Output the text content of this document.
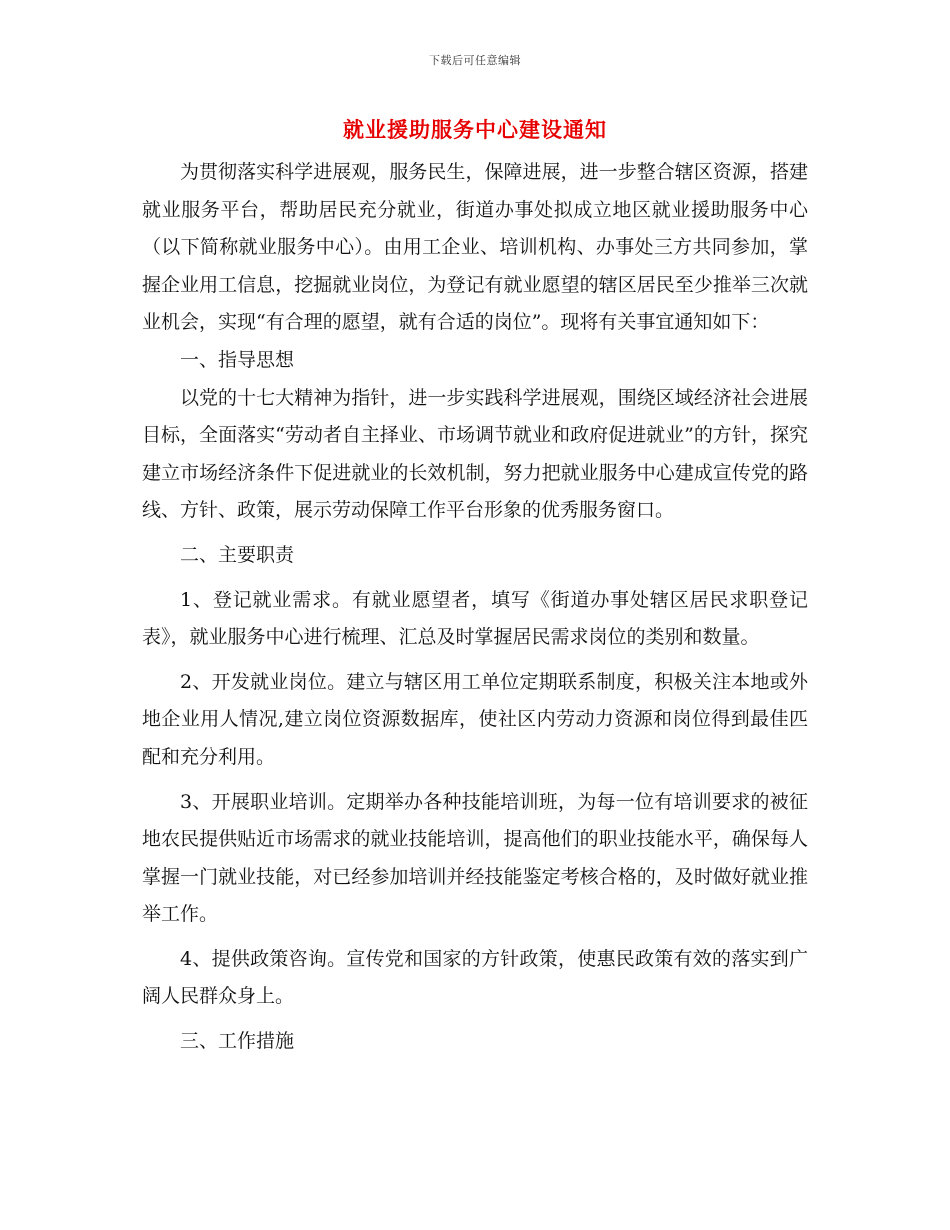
下载后可任意编辑
就业援助服务中心建设通知

为贯彻落实科学进展观，服务民生，保障进展，进一步整合辖区资源，搭建就业服务平台，帮助居民充分就业，街道办事处拟成立地区就业援助服务中心（以下简称就业服务中心）。由用工企业、培训机构、办事处三方共同参加，掌握企业用工信息，挖掘就业岗位，为登记有就业愿望的辖区居民至少推举三次就业机会，实现“有合理的愿望，就有合适的岗位”。现将有关事宜通知如下：

一、指导思想

以党的十七大精神为指针，进一步实践科学进展观，围绕区域经济社会进展目标，全面落实“劳动者自主择业、市场调节就业和政府促进就业”的方针，探究建立市场经济条件下促进就业的长效机制，努力把就业服务中心建成宣传党的路线、方针、政策，展示劳动保障工作平台形象的优秀服务窗口。

二、主要职责

1、登记就业需求。有就业愿望者，填写《街道办事处辖区居民求职登记表》，就业服务中心进行梳理、汇总及时掌握居民需求岗位的类别和数量。

2、开发就业岗位。建立与辖区用工单位定期联系制度，积极关注本地或外地企业用人情况,建立岗位资源数据库，使社区内劳动力资源和岗位得到最佳匹配和充分利用。

3、开展职业培训。定期举办各种技能培训班，为每一位有培训要求的被征地农民提供贴近市场需求的就业技能培训，提高他们的职业技能水平，确保每人掌握一门就业技能，对已经参加培训并经技能鉴定考核合格的，及时做好就业推举工作。

4、提供政策咨询。宣传党和国家的方针政策，使惠民政策有效的落实到广阔人民群众身上。

三、工作措施
